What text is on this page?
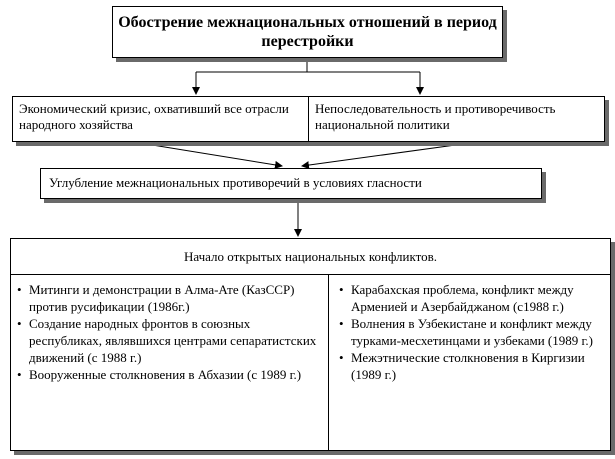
Обострение межнациональных отношений в период перестройки
Экономический кризис, охвативший все отрасли народного хозяйства
Непоследовательность и противоречивость национальной политики
Углубление межнациональных противоречий в условиях гласности
Начало открытых национальных конфликтов.
• Митинги и демонстрации в Алма-Ате (КазССР) против русификации (1986г.)
• Создание народных фронтов в союзных республиках, являвшихся центрами сепаратистских движений (с 1988 г.)
• Вооруженные столкновения в Абхазии (с 1989 г.)
• Карабахская проблема, конфликт между Арменией и Азербайджаном (с1988 г.)
• Волнения в Узбекистане и конфликт между турками-месхетинцами и узбеками (1989 г.)
• Межэтнические столкновения в Киргизии (1989 г.)
